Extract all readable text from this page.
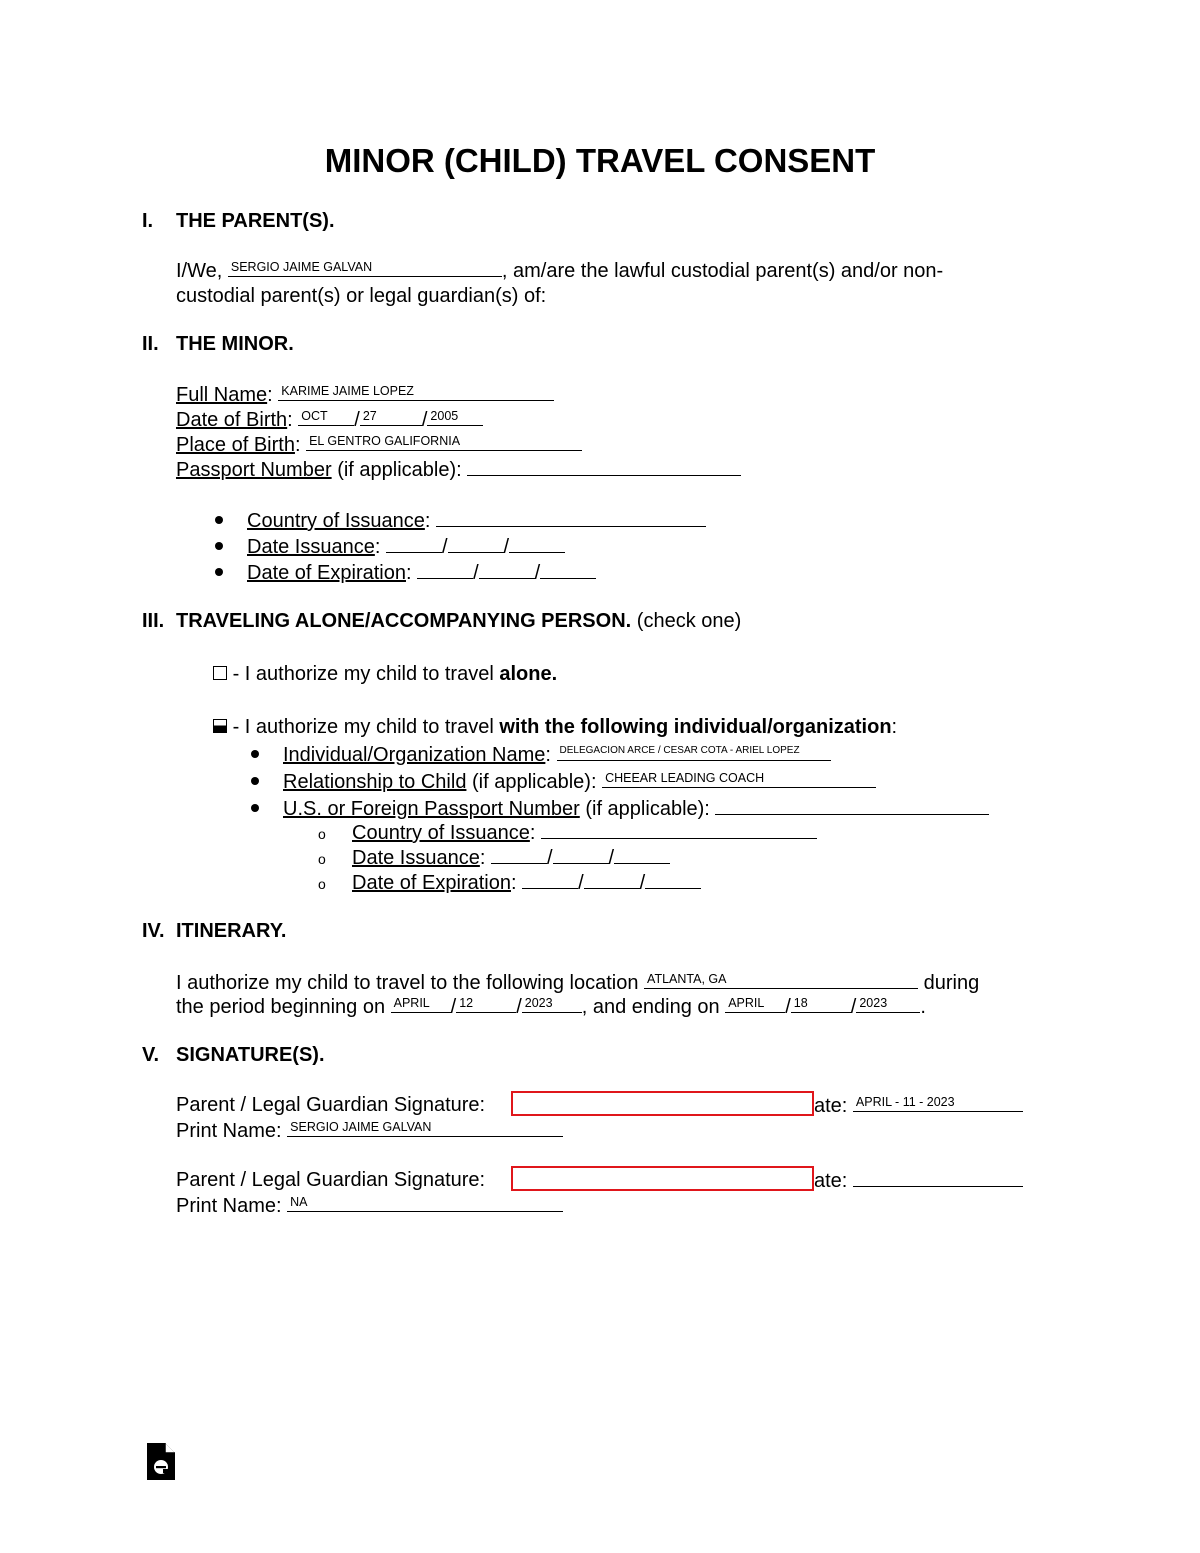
MINOR (CHILD) TRAVEL CONSENT
I. THE PARENT(S).
I/We, SERGIO JAIME GALVAN	, am/are the lawful custodial parent(s) and/or non-
custodial parent(s) or legal guardian(s) of:
II. THE MINOR.
Full Name: KARIME JAIME LOPEZ
Date of Birth: OCT / 27 / 2005
Place of Birth: EL GENTRO GALIFORNIA
Passport Number (if applicable):
Country of Issuance:
Date Issuance:	/	/
Date of Expiration:	/	/
III. TRAVELING ALONE/ACCOMPANYING PERSON. (check one)
- I authorize my child to travel alone.
- I authorize my child to travel with the following individual/organization:
Individual/Organization Name: DELEGACION ARCE / CESAR COTA - ARIEL LOPEZ
Relationship to Child (if applicable): CHEEAR LEADING COACH
U.S. or Foreign Passport Number (if applicable):
o Country of Issuance:
o Date Issuance:	/	/
o Date of Expiration:	/	/
IV. ITINERARY.
I authorize my child to travel to the following location ATLANTA, GA	during
the period beginning on APRIL / 12 / 2023 , and ending on APRIL / 18 / 2023 .
V. SIGNATURE(S).
Parent / Legal Guardian Signature:	ate: APRIL - 11 - 2023
Print Name: SERGIO JAIME GALVAN
Parent / Legal Guardian Signature:	ate:
Print Name: NA
